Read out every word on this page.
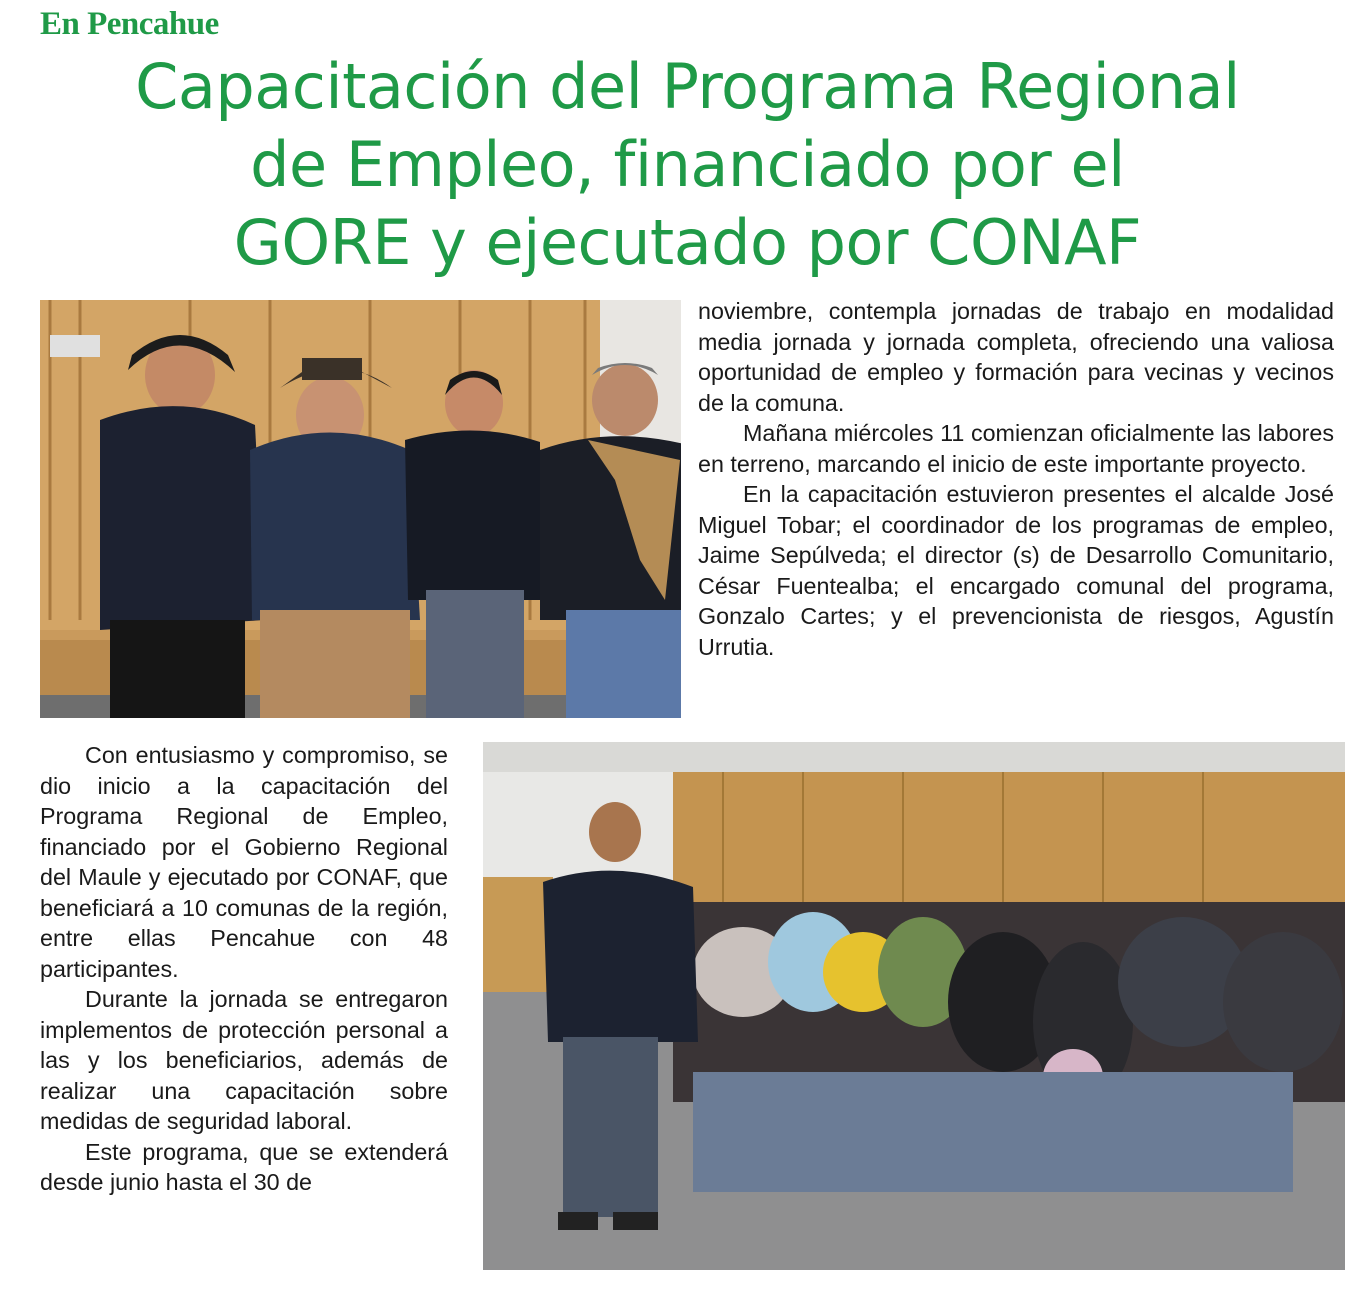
En Pencahue
Capacitación del Programa Regional
de Empleo, financiado por el
GORE y ejecutado por CONAF

noviembre, contempla jornadas de trabajo en modalidad media jornada y jornada completa, ofreciendo una valiosa oportunidad de empleo y formación para vecinas y vecinos de la comuna.

Mañana miércoles 11 comienzan oficialmente las labores en terreno, marcando el inicio de este importante proyecto.

En la capacitación estuvieron presentes el alcalde José Miguel Tobar; el coordinador de los programas de empleo, Jaime Sepúlveda; el director (s) de Desarrollo Comunitario, César Fuentealba; el encargado comunal del programa, Gonzalo Cartes; y el prevencionista de riesgos, Agustín Urrutia.

Con entusiasmo y compromiso, se dio inicio a la capacitación del Programa Regional de Empleo, financiado por el Gobierno Regional del Maule y ejecutado por CONAF, que beneficiará a 10 comunas de la región, entre ellas Pencahue con 48 participantes.

Durante la jornada se entregaron implementos de protección personal a las y los beneficiarios, además de realizar una capacitación sobre medidas de seguridad laboral.

Este programa, que se extenderá desde junio hasta el 30 de
